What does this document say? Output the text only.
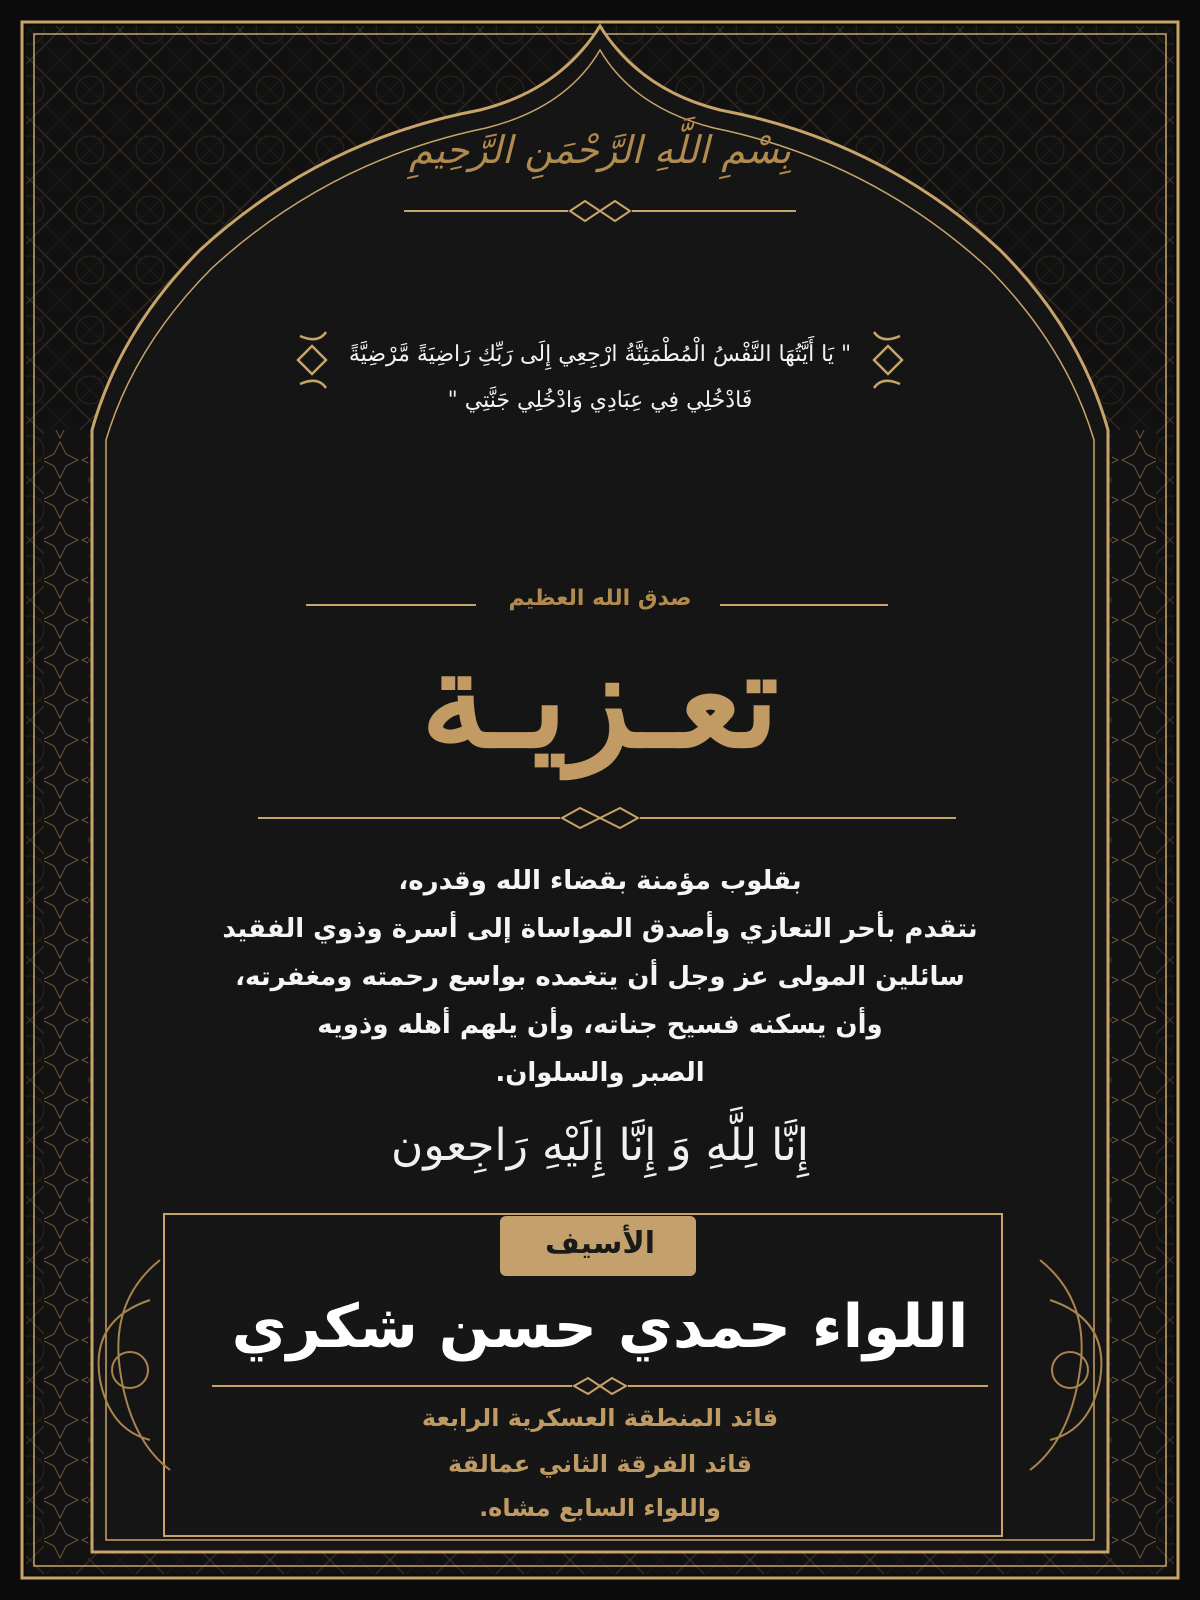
بِسْمِ اللَّهِ الرَّحْمَنِ الرَّحِيمِ

" يَا أَيَّتُهَا النَّفْسُ الْمُطْمَئِنَّةُ ارْجِعِي إِلَى رَبِّكِ رَاضِيَةً مَّرْضِيَّةً

فَادْخُلِي فِي عِبَادِي وَادْخُلِي جَنَّتِي "

صدق الله العظيم

تعـزيـة

بقلوب مؤمنة بقضاء الله وقدره،

نتقدم بأحر التعازي وأصدق المواساة إلى أسرة وذوي الفقيد

سائلين المولى عز وجل أن يتغمده بواسع رحمته ومغفرته،

وأن يسكنه فسيح جناته، وأن يلهم أهله وذويه

الصبر والسلوان.

إِنَّا لِلَّهِ وَ إِنَّا إِلَيْهِ رَاجِعون

الأسيف

اللواء حمدي حسن شكري

قائد المنطقة العسكرية الرابعة

قائد الفرقة الثاني عمالقة

واللواء السابع مشاه.
